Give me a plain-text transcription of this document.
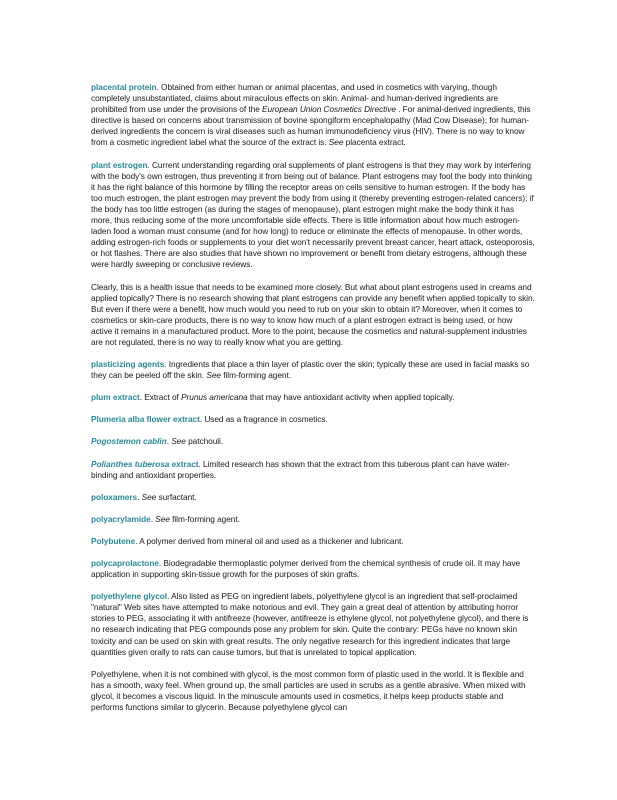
placental protein. Obtained from either human or animal placentas, and used in cosmetics with varying, though completely unsubstantiated, claims about miraculous effects on skin. Animal- and human-derived ingredients are prohibited from use under the provisions of the European Union Cosmetics Directive . For animal-derived ingredients, this directive is based on concerns about transmission of bovine spongiform encephalopathy (Mad Cow Disease); for human-derived ingredients the concern is viral diseases such as human immunodeficiency virus (HIV). There is no way to know from a cosmetic ingredient label what the source of the extract is. See placenta extract.

plant estrogen. Current understanding regarding oral supplements of plant estrogens is that they may work by interfering with the body's own estrogen, thus preventing it from being out of balance. Plant estrogens may fool the body into thinking it has the right balance of this hormone by filling the receptor areas on cells sensitive to human estrogen. If the body has too much estrogen, the plant estrogen may prevent the body from using it (thereby preventing estrogen-related cancers); if the body has too little estrogen (as during the stages of menopause), plant estrogen might make the body think it has more, thus reducing some of the more uncomfortable side effects. There is little information about how much estrogen-laden food a woman must consume (and for how long) to reduce or eliminate the effects of menopause. In other words, adding estrogen-rich foods or supplements to your diet won't necessarily prevent breast cancer, heart attack, osteoporosis, or hot flashes. There are also studies that have shown no improvement or benefit from dietary estrogens, although these were hardly sweeping or conclusive reviews.

Clearly, this is a health issue that needs to be examined more closely. But what about plant estrogens used in creams and applied topically? There is no research showing that plant estrogens can provide any benefit when applied topically to skin. But even if there were a benefit, how much would you need to rub on your skin to obtain it? Moreover, when it comes to cosmetics or skin-care products, there is no way to know how much of a plant estrogen extract is being used, or how active it remains in a manufactured product. More to the point, because the cosmetics and natural-supplement industries are not regulated, there is no way to really know what you are getting.

plasticizing agents. Ingredients that place a thin layer of plastic over the skin; typically these are used in facial masks so they can be peeled off the skin. See film-forming agent.

plum extract. Extract of Prunus americana that may have antioxidant activity when applied topically.

Plumeria alba flower extract. Used as a fragrance in cosmetics.

Pogostemon cablin. See patchouli.

Polianthes tuberosa extract. Limited research has shown that the extract from this tuberous plant can have water-binding and antioxidant properties.

poloxamers. See surfactant.

polyacrylamide. See film-forming agent.

Polybutene. A polymer derived from mineral oil and used as a thickener and lubricant.

polycaprolactone. Biodegradable thermoplastic polymer derived from the chemical synthesis of crude oil. It may have application in supporting skin-tissue growth for the purposes of skin grafts.

polyethylene glycol. Also listed as PEG on ingredient labels, polyethylene glycol is an ingredient that self-proclaimed "natural" Web sites have attempted to make notorious and evil. They gain a great deal of attention by attributing horror stories to PEG, associating it with antifreeze (however, antifreeze is ethylene glycol, not polyethylene glycol), and there is no research indicating that PEG compounds pose any problem for skin. Quite the contrary: PEGs have no known skin toxicity and can be used on skin with great results. The only negative research for this ingredient indicates that large quantities given orally to rats can cause tumors, but that is unrelated to topical application.

Polyethylene, when it is not combined with glycol, is the most common form of plastic used in the world. It is flexible and has a smooth, waxy feel. When ground up, the small particles are used in scrubs as a gentle abrasive. When mixed with glycol, it becomes a viscous liquid. In the minuscule amounts used in cosmetics, it helps keep products stable and performs functions similar to glycerin. Because polyethylene glycol can
